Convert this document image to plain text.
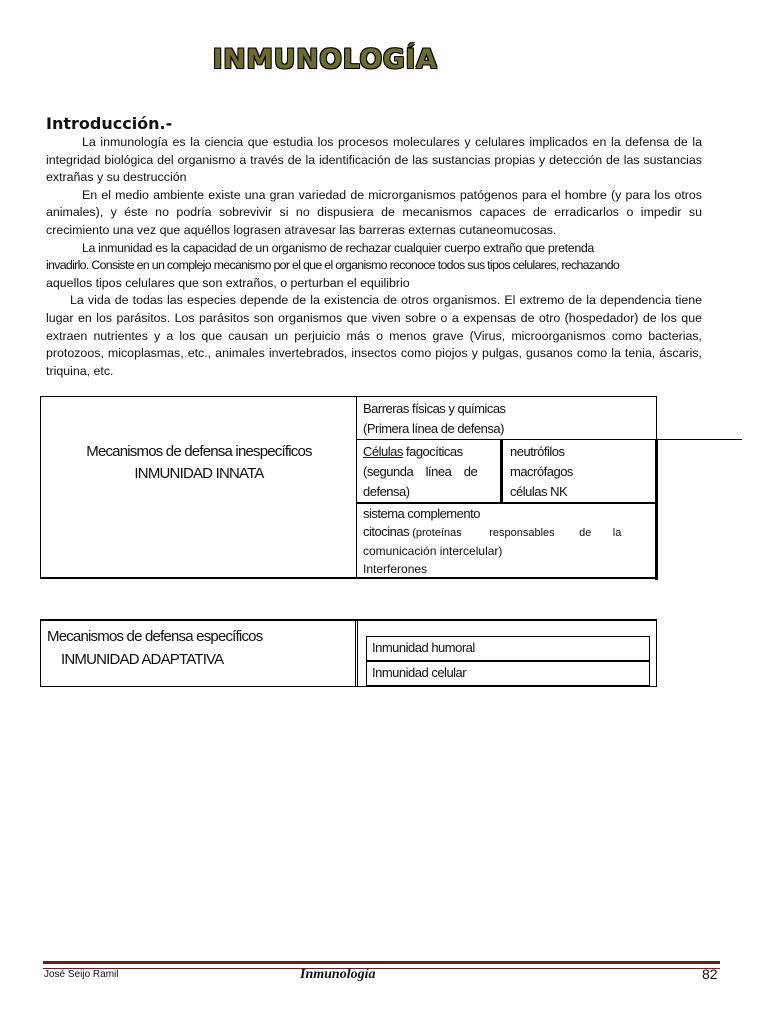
INMUNOLOGÍA
Introducción.-

La inmunología es la ciencia que estudia los procesos moleculares y celulares implicados en la defensa de la integridad biológica del organismo a través de la identificación de las sustancias propias y detección de las sustancias extrañas y su destrucción

En el medio ambiente existe una gran variedad de microrganismos patógenos para el hombre (y para los otros animales), y éste no podría sobrevivir si no dispusiera de mecanismos capaces de erradicarlos o impedir su crecimiento una vez que aquéllos lograsen atravesar las barreras externas cutaneomucosas.

La inmunidad es la capacidad de un organismo de rechazar cualquier cuerpo extraño que pretenda

invadirlo. Consiste en un complejo mecanismo por el que el organismo reconoce todos sus tipos celulares, rechazando

aquellos tipos celulares que son extraños, o perturban el equilibrio

La vida de todas las especies depende de la existencia de otros organismos. El extremo de la dependencia tiene lugar en los parásitos. Los parásitos son organismos que viven sobre o a expensas de otro (hospedador) de los que extraen nutrientes y a los que causan un perjuicio más o menos grave (Virus, microorganismos como bacterias, protozoos, micoplasmas, etc., animales invertebrados, insectos como piojos y pulgas, gusanos como la tenia, áscaris, triquina, etc.

Mecanismos de defensa inespecíficos
INMUNIDAD INNATA
Barreras físicas y químicas
(Primera línea de defensa)
Células fagocíticas
(segunda    línea    de
defensa)
neutrófilos
macrófagos
células NK
sistema complemento
citocinas (proteínas         responsables        de       la
comunicación intercelular)
Interferones
Mecanismos de defensa específicos
INMUNIDAD ADAPTATIVA
Inmunidad humoral
Inmunidad celular
José Seijo Ramil	Inmunología	82
